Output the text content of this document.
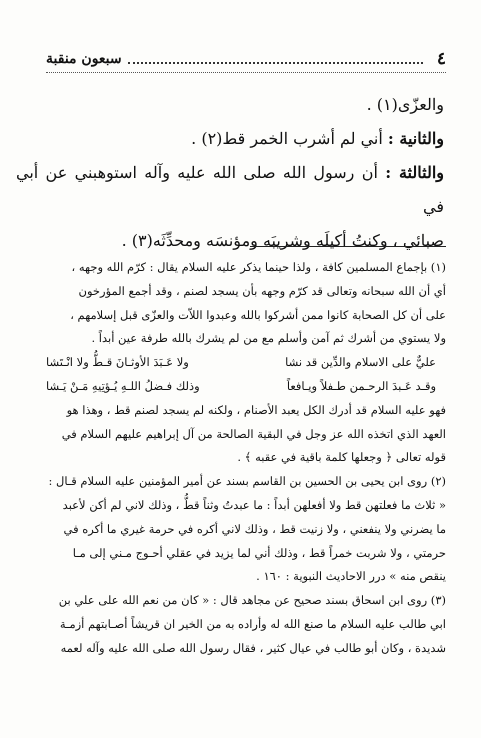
٤
سبعون منقبة

والعزّى(١) .

والثانية : أني لم أشرب الخمر قط(٢) .

والثالثة : أن رسول الله صلى الله عليه وآله استوهبني عن أبي في

صبائي ، وكنتُ أكيلَه وشريبَه ومؤنسَه ومحدِّثَه(٣) .

(١) بإجماع المسلمين كافة ، ولذا حينما يذكر عليه السلام يقال : كرّم الله وجهه ،

أي أن الله سبحانه وتعالى قد كرّم وجهه بأن يسجد لصنم ، وقد أجمع المؤرخون

على أن كل الصحابة كانوا ممن أشركوا بالله وعبدوا اللاّت والعزّى قبل إسلامهم ،

ولا يستوي من أشرك ثم آمن وأسلم مع من لم يشرك بالله طرفة عين أبداً .

عليٌّ على الاسلام والدِّين قد نشا
ولا عَـبَدَ الأوثـانَ قـطُّ ولا انْـتَشا
وقـد عَـبدَ الرحـمن طـفلاً ويـافعاً
وذلك فـضلُ اللـهِ يُـؤتِيهِ مَـنْ يَـشا

فهو عليه السلام قد أدرك الكل يعبد الأصنام ، ولكنه لم يسجد لصنم قط ، وهذا هو

العهد الذي اتخذه الله عز وجل في البقية الصالحة من آل إبراهيم عليهم السلام في

قوله تعالى ﴿ وجعلها كلمة باقية في عقبه ﴾ .

(٢) روى ابن يحيى بن الحسين بن القاسم بسند عن أمير المؤمنين عليه السلام قـال :

« ثلاث ما فعلتهن قط ولا أفعلهن أبداً : ما عبدتُ وثناً قطُّ ، وذلك لاني لم أكن لأعبد

ما يضرني ولا ينفعني ، ولا زنيت قط ، وذلك لاني أكره في حرمة غيري ما أكره في

حرمتي ، ولا شربت خمراً قط ، وذلك أني لما يزيد في عقلي أحـوج مـني إلى مـا

ينقص منه » درر الاحاديث النبوية : ١٦٠ .

(٣) روى ابن اسحاق بسند صحيح عن مجاهد قال : « كان من نعم الله على علي بن

ابي طالب عليه السلام ما صنع الله له وأراده به من الخير ان قريشاً أصـابتهم أزمـة

شديدة ، وكان أبو طالب في عيال كثير ، فقال رسول الله صلى الله عليه وآله لعمه
